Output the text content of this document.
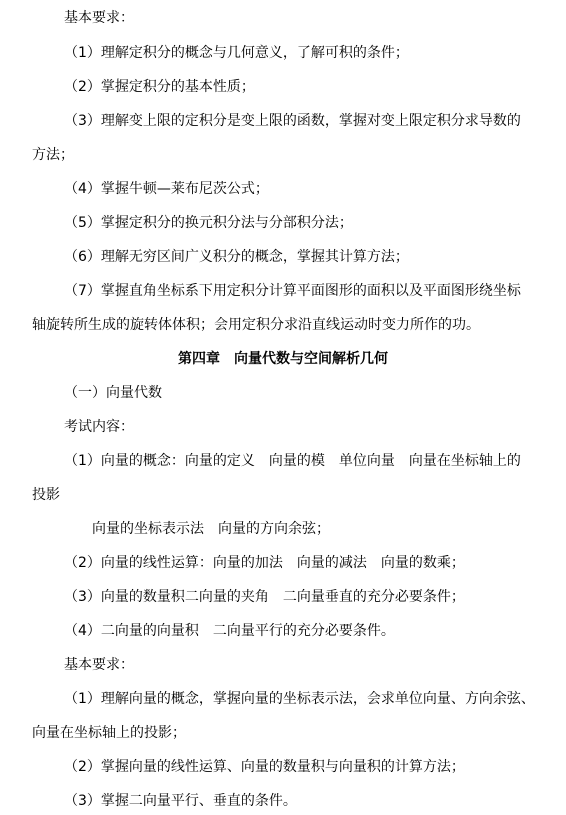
基本要求：
（1）理解定积分的概念与几何意义，了解可积的条件；
（2）掌握定积分的基本性质；
（3）理解变上限的定积分是变上限的函数，掌握对变上限定积分求导数的
方法；
（4）掌握牛顿—莱布尼茨公式；
（5）掌握定积分的换元积分法与分部积分法；
（6）理解无穷区间广义积分的概念，掌握其计算方法；
（7）掌握直角坐标系下用定积分计算平面图形的面积以及平面图形绕坐标
轴旋转所生成的旋转体体积；会用定积分求沿直线运动时变力所作的功。
第四章　向量代数与空间解析几何
（一）向量代数
考试内容：
（1）向量的概念：向量的定义　向量的模　单位向量　向量在坐标轴上的
投影
向量的坐标表示法　向量的方向余弦；
（2）向量的线性运算：向量的加法　向量的减法　向量的数乘；
（3）向量的数量积二向量的夹角　二向量垂直的充分必要条件；
（4）二向量的向量积　二向量平行的充分必要条件。
基本要求：
（1）理解向量的概念，掌握向量的坐标表示法，会求单位向量、方向余弦、
向量在坐标轴上的投影；
（2）掌握向量的线性运算、向量的数量积与向量积的计算方法；
（3）掌握二向量平行、垂直的条件。
